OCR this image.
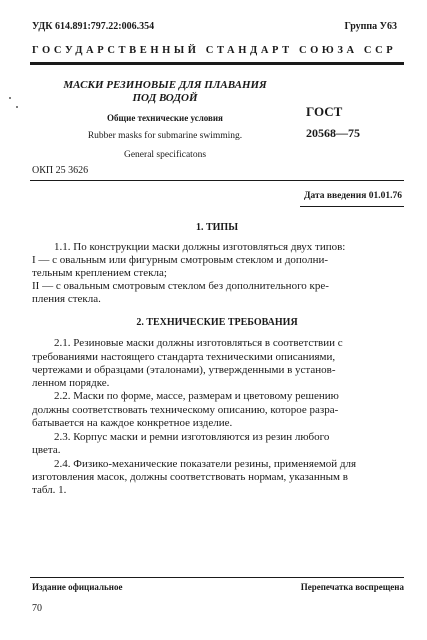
УДК 614.891:797.22:006.354	Группа У63
ГОСУДАРСТВЕННЫЙ СТАНДАРТ СОЮЗА ССР
МАСКИ РЕЗИНОВЫЕ ДЛЯ ПЛАВАНИЯ
ПОД ВОДОЙ
Общие технические условия
Rubber masks for submarine swimming.
General specificatons
ГОСТ
20568—75
ОКП 25 3626
Дата введения 01.01.76
1. ТИПЫ
1.1. По конструкции маски должны изготовляться двух типов:
I — с овальным или фигурным смотровым стеклом и дополни-
тельным креплением стекла;
II — с овальным смотровым стеклом без дополнительного кре-
пления стекла.
2. ТЕХНИЧЕСКИЕ ТРЕБОВАНИЯ
2.1. Резиновые маски должны изготовляться в соответствии с
требованиями настоящего стандарта техническими описаниями,
чертежами и образцами (эталонами), утвержденными в установ-
ленном порядке.
2.2. Маски по форме, массе, размерам и цветовому решению
должны соответствовать техническому описанию, которое разра-
батывается на каждое конкретное изделие.
2.3. Корпус маски и ремни изготовляются из резин любого
цвета.
2.4. Физико-механические показатели резины, применяемой для
изготовления масок, должны соответствовать нормам, указанным в
табл. 1.
Издание официальное	Перепечатка воспрещена
70
